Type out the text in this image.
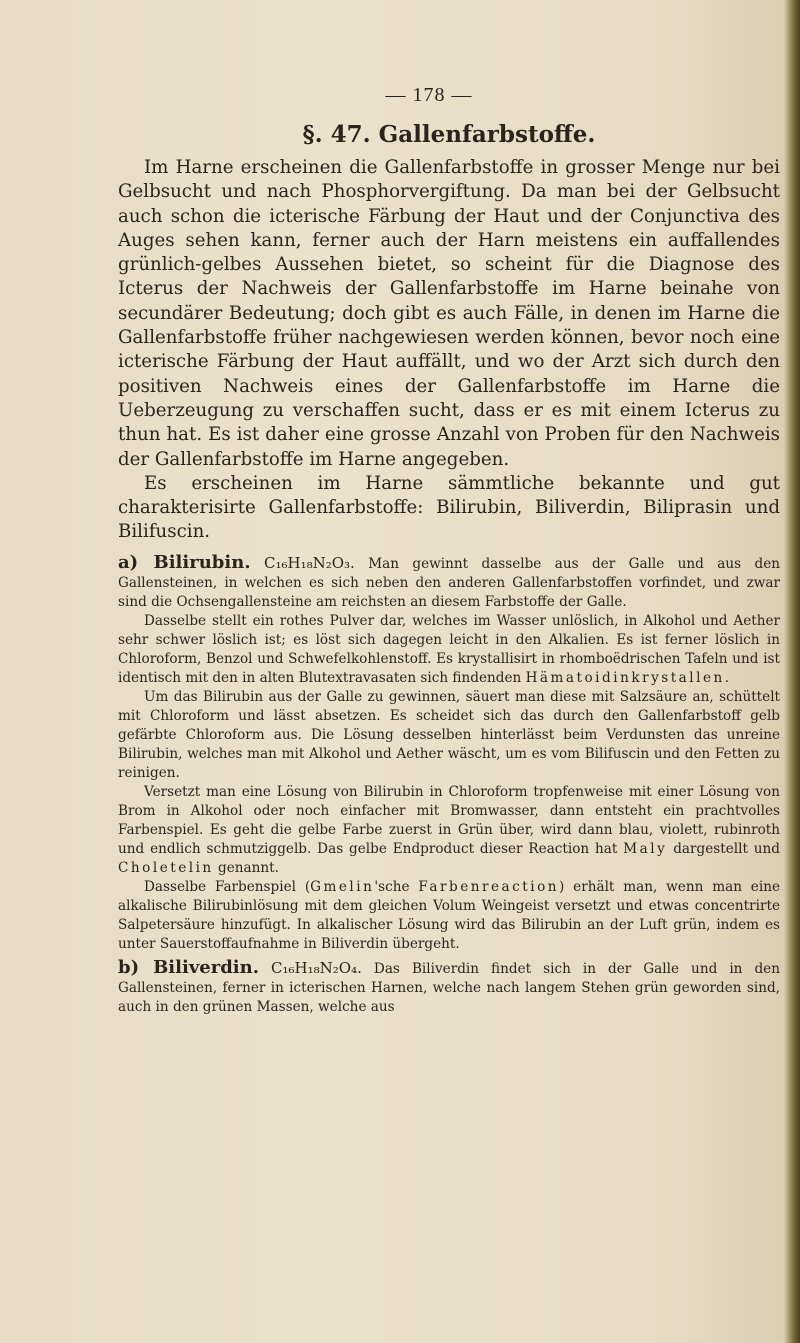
— 178 —
§. 47. Gallenfarbstoffe.

Im Harne erscheinen die Gallenfarbstoffe in grosser Menge nur bei Gelbsucht und nach Phosphorvergiftung. Da man bei der Gelbsucht auch schon die icterische Färbung der Haut und der Conjunctiva des Auges sehen kann, ferner auch der Harn meistens ein auffallendes grünlich-gelbes Aussehen bietet, so scheint für die Diagnose des Icterus der Nachweis der Gallenfarbstoffe im Harne beinahe von secundärer Bedeutung; doch gibt es auch Fälle, in denen im Harne die Gallenfarbstoffe früher nachgewiesen werden können, bevor noch eine icterische Färbung der Haut auffällt, und wo der Arzt sich durch den positiven Nachweis eines der Gallenfarbstoffe im Harne die Ueberzeugung zu verschaffen sucht, dass er es mit einem Icterus zu thun hat. Es ist daher eine grosse Anzahl von Proben für den Nachweis der Gallenfarbstoffe im Harne angegeben.

Es erscheinen im Harne sämmtliche bekannte und gut charakterisirte Gallenfarbstoffe: Bilirubin, Biliverdin, Biliprasin und Bilifuscin.

a) Bilirubin. C₁₆H₁₈N₂O₃. Man gewinnt dasselbe aus der Galle und aus den Gallensteinen, in welchen es sich neben den anderen Gallenfarbstoffen vorfindet, und zwar sind die Ochsengallensteine am reichsten an diesem Farbstoffe der Galle.

Dasselbe stellt ein rothes Pulver dar, welches im Wasser unlöslich, in Alkohol und Aether sehr schwer löslich ist; es löst sich dagegen leicht in den Alkalien. Es ist ferner löslich in Chloroform, Benzol und Schwefelkohlenstoff. Es krystallisirt in rhomboëdrischen Tafeln und ist identisch mit den in alten Blutextravasaten sich findenden Hämatoidinkrystallen.

Um das Bilirubin aus der Galle zu gewinnen, säuert man diese mit Salzsäure an, schüttelt mit Chloroform und lässt absetzen. Es scheidet sich das durch den Gallenfarbstoff gelb gefärbte Chloroform aus. Die Lösung desselben hinterlässt beim Verdunsten das unreine Bilirubin, welches man mit Alkohol und Aether wäscht, um es vom Bilifuscin und den Fetten zu reinigen.

Versetzt man eine Lösung von Bilirubin in Chloroform tropfenweise mit einer Lösung von Brom in Alkohol oder noch einfacher mit Bromwasser, dann entsteht ein prachtvolles Farbenspiel. Es geht die gelbe Farbe zuerst in Grün über, wird dann blau, violett, rubinroth und endlich schmutziggelb. Das gelbe Endproduct dieser Reaction hat Maly dargestellt und Choletelin genannt.

Dasselbe Farbenspiel (Gmelin'sche Farbenreaction) erhält man, wenn man eine alkalische Bilirubinlösung mit dem gleichen Volum Weingeist versetzt und etwas concentrirte Salpetersäure hinzufügt. In alkalischer Lösung wird das Bilirubin an der Luft grün, indem es unter Sauerstoffaufnahme in Biliverdin übergeht.

b) Biliverdin. C₁₆H₁₈N₂O₄. Das Biliverdin findet sich in der Galle und in den Gallensteinen, ferner in icterischen Harnen, welche nach langem Stehen grün geworden sind, auch in den grünen Massen, welche aus
